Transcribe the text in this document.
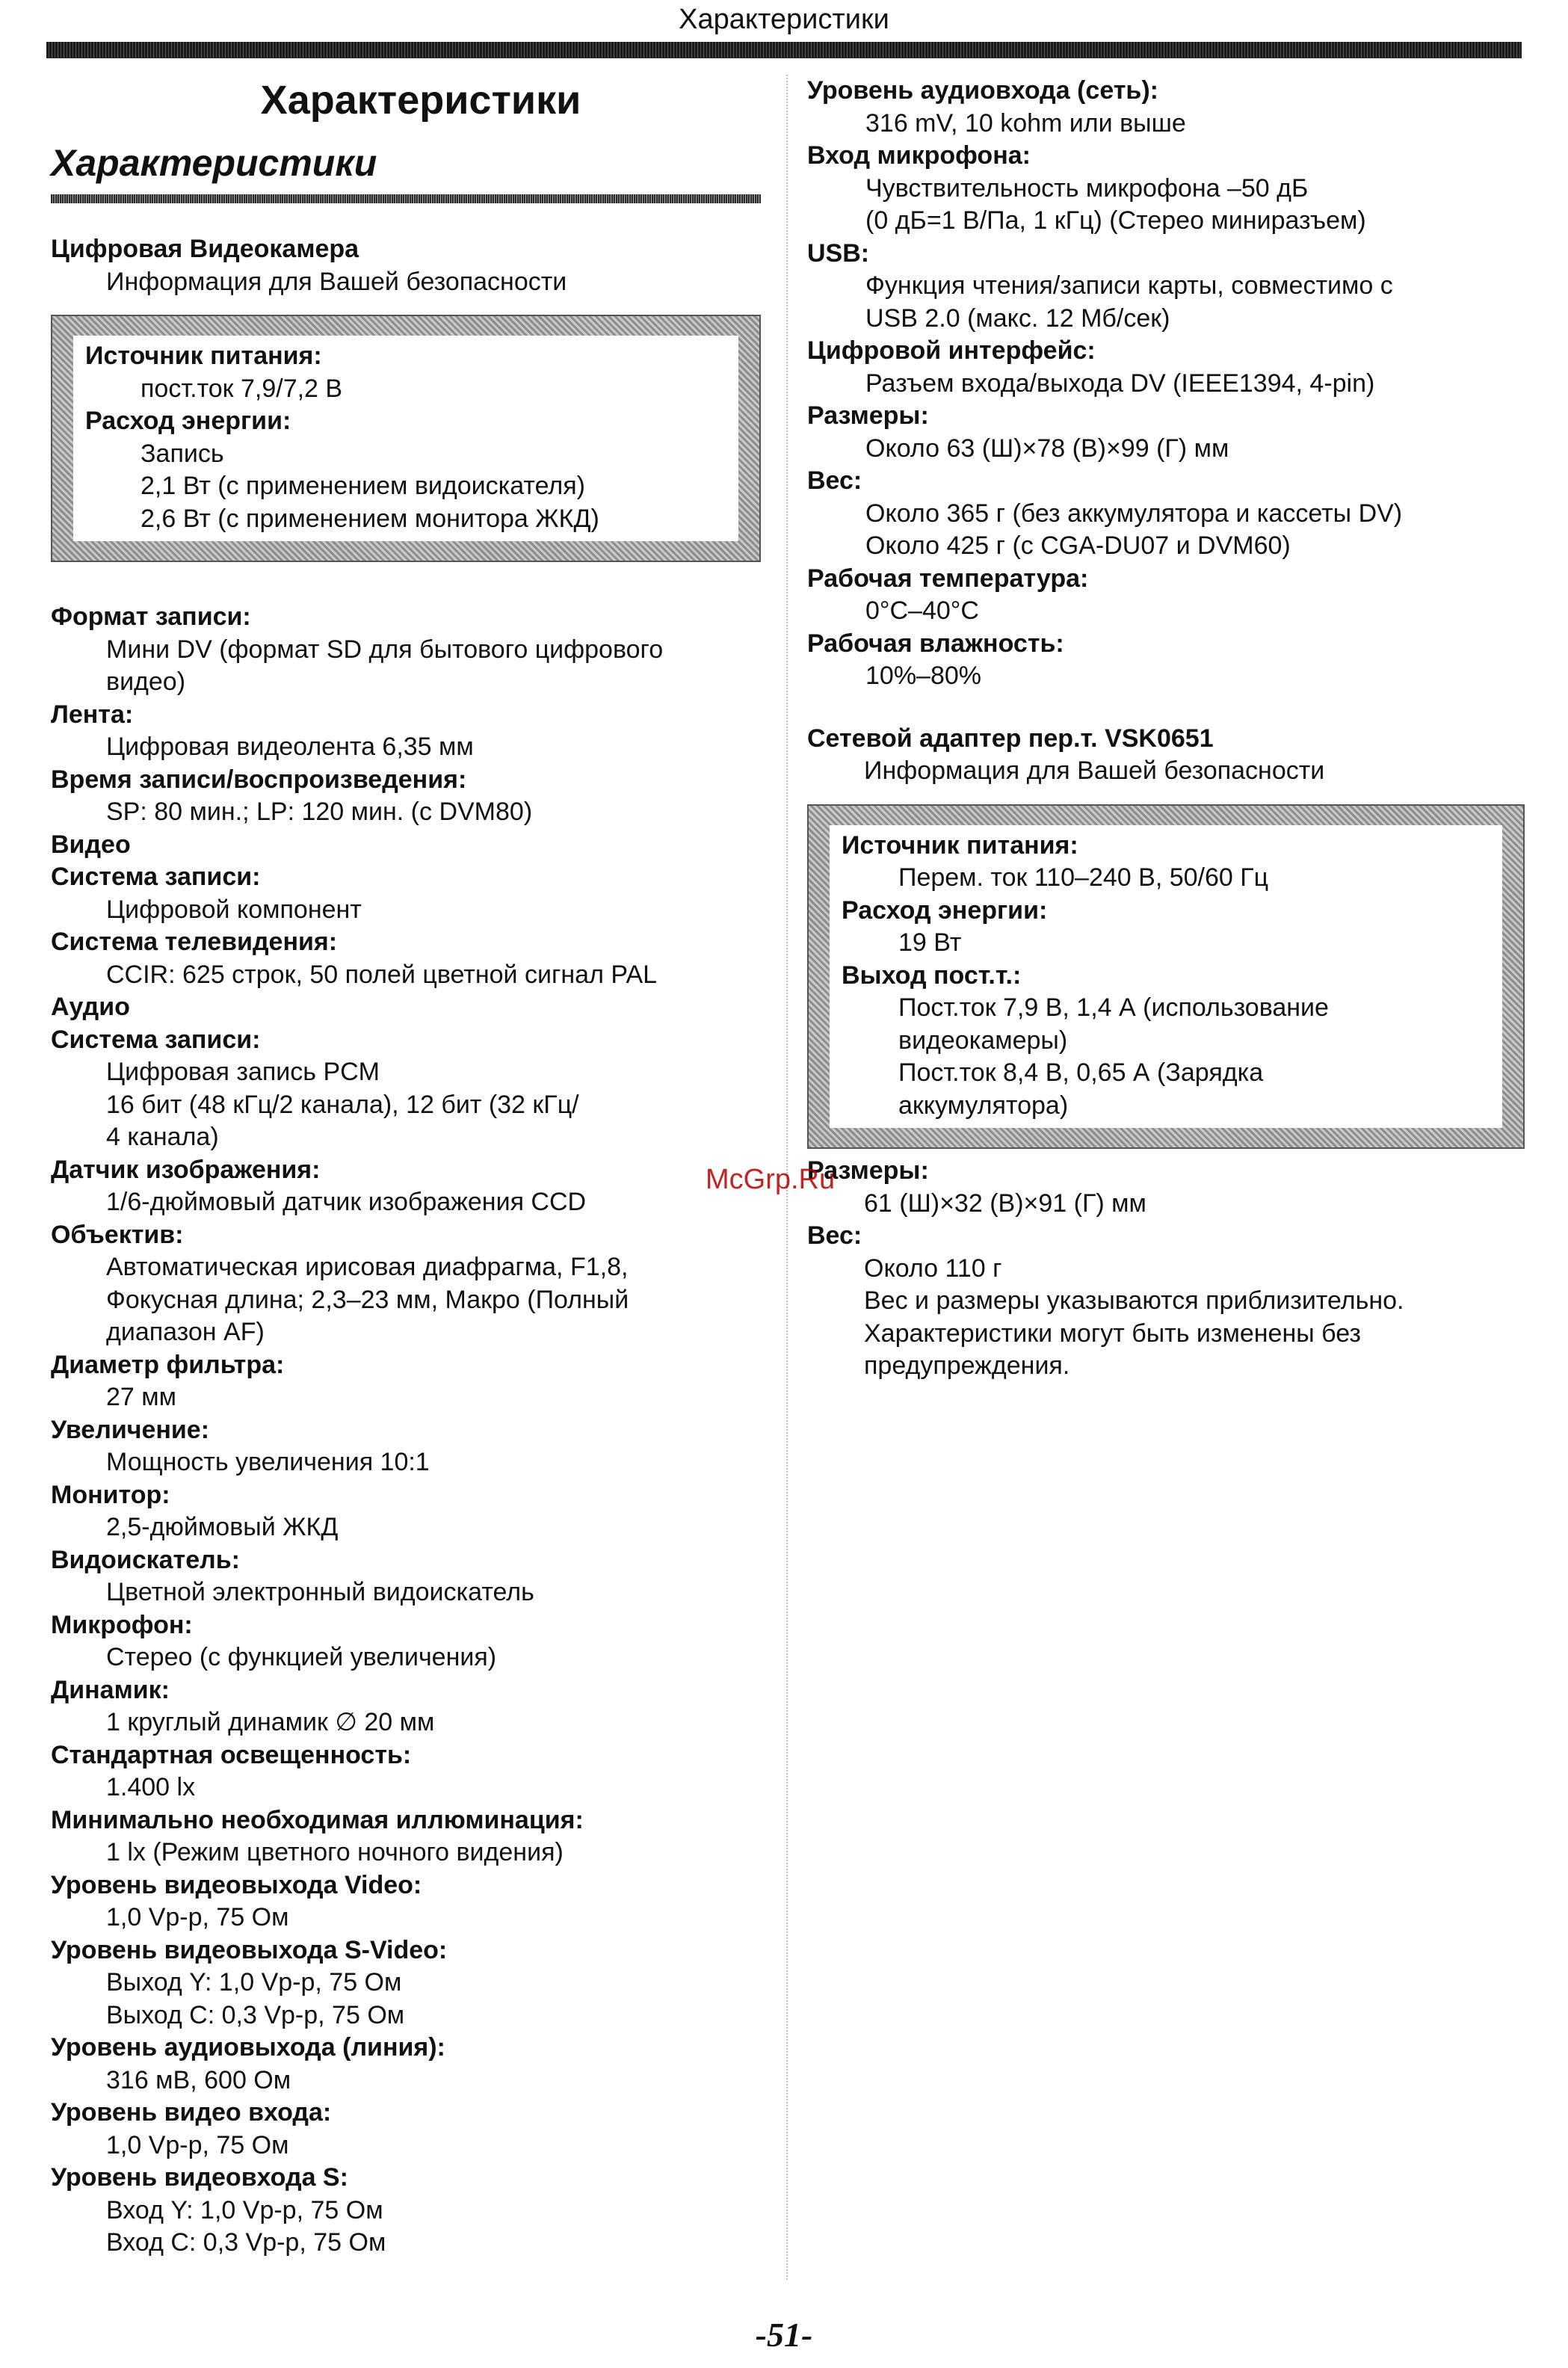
Характеристики
Характеристики
Характеристики
Цифровая Видеокамера
Информация для Вашей безопасности
Источник питания:
пост.ток 7,9/7,2 В
Расход энергии:
Запись
2,1 Вт (с применением видоискателя)
2,6 Вт (с применением монитора ЖКД)
Формат записи:
Мини DV (формат SD для бытового цифрового
видео)
Лента:
Цифровая видеолента 6,35 мм
Время записи/воспроизведения:
SP: 80 мин.; LP: 120 мин. (с DVM80)
Видео
Система записи:
Цифровой компонент
Система телевидения:
CCIR: 625 строк, 50 полей цветной сигнал PAL
Аудио
Система записи:
Цифровая запись PCM
16 бит (48 кГц/2 канала), 12 бит (32 кГц/
4 канала)
Датчик изображения:
1/6-дюймовый датчик изображения CCD
Объектив:
Автоматическая ирисовая диафрагма, F1,8,
Фокусная длина; 2,3–23 мм, Макро (Полный
диапазон AF)
Диаметр фильтра:
27 мм
Увеличение:
Мощность увеличения 10:1
Монитор:
2,5-дюймовый ЖКД
Видоискатель:
Цветной электронный видоискатель
Микрофон:
Стерео (с функцией увеличения)
Динамик:
1 круглый динамик ∅ 20 мм
Стандартная освещенность:
1.400 lx
Минимально необходимая иллюминация:
1 lx (Режим цветного ночного видения)
Уровень видеовыхода Video:
1,0 Vp-p, 75 Ом
Уровень видеовыхода S-Video:
Выход Y: 1,0 Vp-p, 75 Ом
Выход C: 0,3 Vp-p, 75 Ом
Уровень аудиовыхода (линия):
316 мВ, 600 Ом
Уровень видео входа:
1,0 Vp-p, 75 Ом
Уровень видеовхода S:
Вход Y: 1,0 Vp-p, 75 Ом
Вход C: 0,3 Vp-p, 75 Ом
Уровень аудиовхода (сеть):
316 mV, 10 kohm или выше
Вход микрофона:
Чувствительность микрофона –50 дБ
(0 дБ=1 В/Па, 1 кГц) (Стерео миниразъем)
USB:
Функция чтения/записи карты, совместимо с
USB 2.0 (макс. 12 Мб/сек)
Цифровой интерфейс:
Разъем входа/выхода DV (IEEE1394, 4-pin)
Размеры:
Около 63 (Ш)×78 (В)×99 (Г) мм
Вес:
Около 365 г (без аккумулятора и кассеты DV)
Около 425 г (с CGA-DU07 и DVM60)
Рабочая температура:
0°C–40°C
Рабочая влажность:
10%–80%
Сетевой адаптер пер.т. VSK0651
Информация для Вашей безопасности
Источник питания:
Перем. ток 110–240 В, 50/60 Гц
Расход энергии:
19 Вт
Выход пост.т.:
Пост.ток 7,9 В, 1,4 А (использование
видеокамеры)
Пост.ток 8,4 В, 0,65 А (Зарядка
аккумулятора)
Размеры:
61 (Ш)×32 (В)×91 (Г) мм
Вес:
Около 110 г
Вес и размеры указываются приблизительно.
Характеристики могут быть изменены без
предупреждения.
McGrp.Ru
-51-
